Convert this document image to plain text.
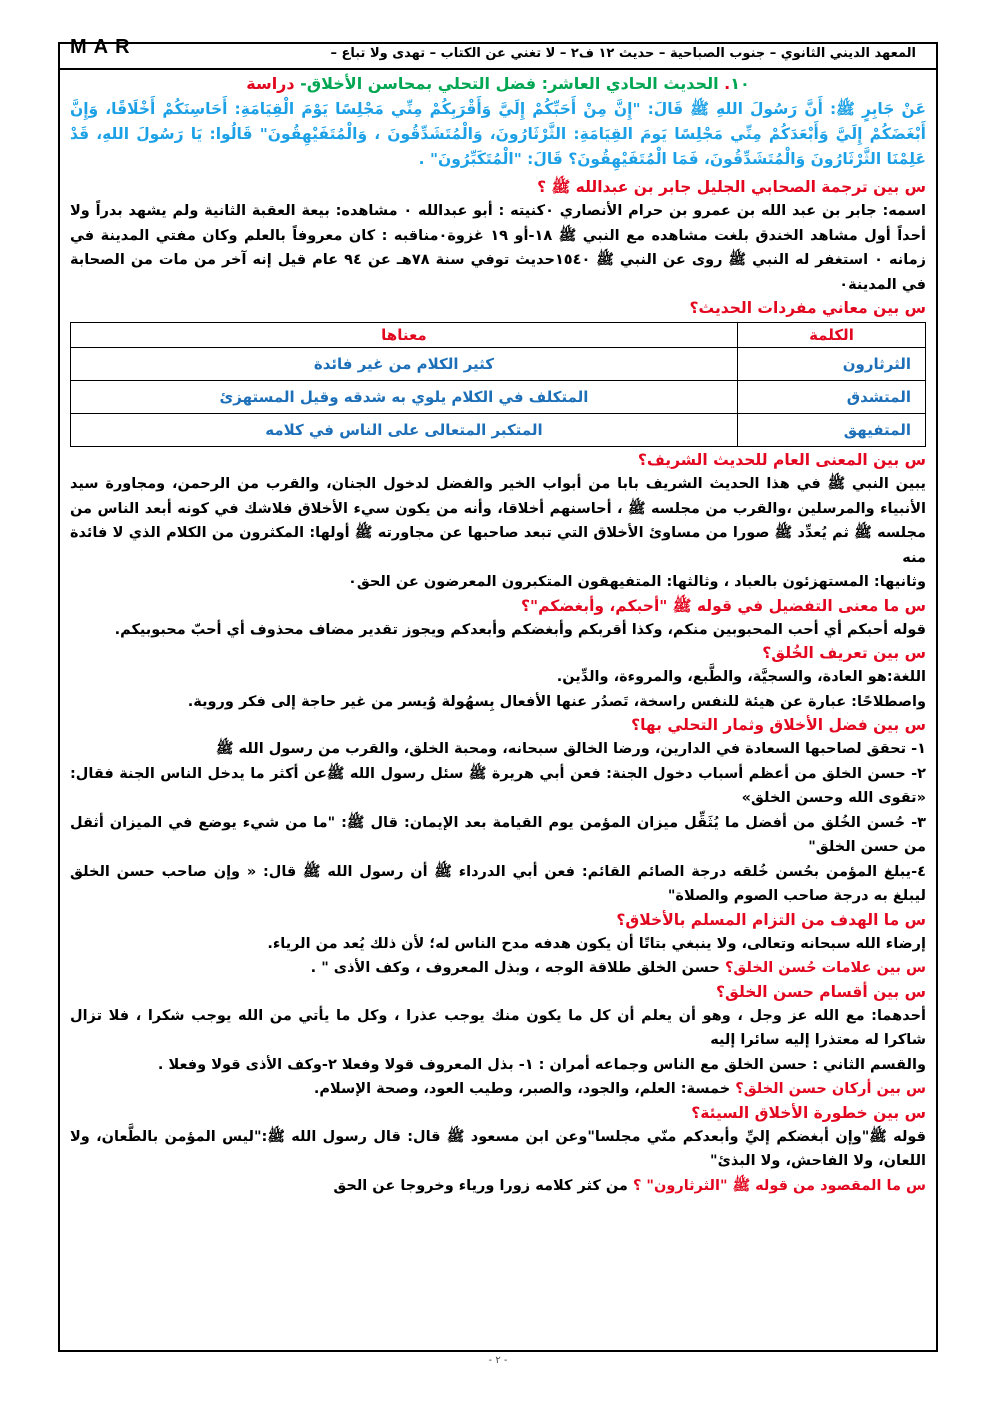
MAR	المعهد الديني الثانوي – جنوب الصباحية – حديث ١٢ ف٢ – لا تغني عن الكتاب – تهدى ولا تباع –
١٠. الحديث الحادي العاشر: فضل التحلي بمحاسن الأخلاق- دراسة

عَنْ جَابِرٍ ﷺ: أَنَّ رَسُولَ اللهِ ﷺ قَالَ: "إِنَّ مِنْ أَحَبِّكُمْ إِلَيَّ وَأَقْرَبِكُمْ مِنِّي مَجْلِسًا يَوْمَ الْقِيَامَةِ: أَحَاسِنَكُمْ أَخْلَاقًا، وَإِنَّ أَبْغَضَكُمْ إِلَيَّ وَأَبْعَدَكُمْ مِنِّي مَجْلِسًا يَومَ القِيَامَةِ: الثَّرْثَارُونَ، وَالْمُتَشَدِّقُونَ ، وَالْمُتَفَيْهِقُونَ" قَالُوا: يَا رَسُولَ اللهِ، قَدْ عَلِمْنَا الثَّرْثَارُونَ وَالْمُتَشَدِّقُونَ، فَمَا الْمُتَفَيْهِقُونَ؟ قَالَ: "الْمُتَكَبِّرُونَ" .

س بين ترجمة الصحابي الجليل جابر بن عبدالله ﷺ ؟

اسمه: جابر بن عبد الله بن عمرو بن حرام الأنصاري ٠كنيته : أبو عبدالله ٠ مشاهده: بيعة العقبة الثانية ولم يشهد بدراً ولا أحداً أول مشاهد الخندق بلغت مشاهده مع النبي ﷺ ١٨-أو ١٩ غزوة٠مناقبه : كان معروفاً بالعلم وكان مفتي المدينة في زمانه ٠ استغفر له النبي ﷺ روى عن النبي ﷺ ١٥٤٠حديث توفي سنة ٧٨هـ عن ٩٤ عام قيل إنه آخر من مات من الصحابة في المدينة٠

س بين معاني مفردات الحديث؟

الكلمة	معناها
الثرثارون	كثير الكلام من غير فائدة
المتشدق	المتكلف في الكلام يلوي به شدقه وقيل المستهزئ
المتفيهق	المتكبر المتعالى على الناس في كلامه

س بين المعنى العام للحديث الشريف؟

يبين النبي ﷺ في هذا الحديث الشريف بابا من أبواب الخير والفضل لدخول الجنان، والقرب من الرحمن، ومجاورة سيد الأنبياء والمرسلين ،والقرب من مجلسه ﷺ ، أحاسنهم أخلاقا، وأنه من يكون سيء الأخلاق فلاشك في كونه أبعد الناس من مجلسه ﷺ ثم يُعدِّد ﷺ صورا من مساوئ الأخلاق التي تبعد صاحبها عن مجاورته ﷺ أولها: المكثرون من الكلام الذي لا فائدة منه

وثانيها: المستهزئون بالعباد ، وثالثها: المتفيهقون المتكبرون المعرضون عن الحق٠

س ما معنى التفضيل في قوله ﷺ "أحبكم، وأبغضكم"؟

قوله أحبكم أي أحب المحبوبين منكم، وكذا أقربكم وأبغضكم وأبعدكم ويجوز تقدير مضاف محذوف أي أحبّ محبوبيكم.

س بين تعريف الخُلق؟

اللغة:هو العادة، والسجيَّة، والطَّبع، والمروءة، والدِّين.

واصطلاحًا: عبارة عن هيئة للنفس راسخة، تَصدُر عنها الأفعال بِسهُولة وُيسر من غير حاجة إلى فكر وروية.

س بين فضل الأخلاق وثمار التحلي بها؟

١- تحقق لصاحبها السعادة في الدارين، ورضا الخالق سبحانه، ومحبة الخلق، والقرب من رسول الله ﷺ

٢- حسن الخلق من أعظم أسباب دخول الجنة: فعن أبي هريرة ﷺ سئل رسول الله ﷺعن أكثر ما يدخل الناس الجنة فقال: «تقوى الله وحسن الخلق»

٣- حُسن الخُلق من أفضل ما يُثَقِّل ميزان المؤمن يوم القيامة بعد الإيمان: قال ﷺ: "ما من شيء يوضع في الميزان أثقل من حسن الخلق"

٤-يبلغ المؤمن بحُسن خُلقه درجة الصائم القائم: فعن أبي الدرداء ﷺ أن رسول الله ﷺ قال: « وإن صاحب حسن الخلق ليبلغ به درجة صاحب الصوم والصلاة"

س ما الهدف من التزام المسلم بالأخلاق؟

إرضاء الله سبحانه وتعالى، ولا ينبغي بتاتًا أن يكون هدفه مدح الناس له؛ لأن ذلك يُعد من الرياء.

س بين علامات حُسن الخلق؟ حسن الخلق طلاقة الوجه ، وبذل المعروف ، وكف الأذى " .

س بين أقسام حسن الخلق؟

أحدهما: مع الله عز وجل ، وهو أن يعلم أن كل ما يكون منك يوجب عذرا ، وكل ما يأتي من الله يوجب شكرا ، فلا تزال شاكرا له معتذرا إليه سائرا إليه

والقسم الثاني : حسن الخلق مع الناس وجماعه أمران : ١- بذل المعروف قولا وفعلا ٢-وكف الأذى قولا وفعلا .

س بين أركان حسن الخلق؟ خمسة: العلم، والجود، والصبر، وطيب العود، وصحة الإسلام.

س بين خطورة الأخلاق السيئة؟

قوله ﷺ"وإن أبغضكم إليِّ وأبعدكم منّي مجلسا"وعن ابن مسعود ﷺ قال: قال رسول الله ﷺ:"ليس المؤمن بالطَّعان، ولا اللعان، ولا الفاحش، ولا البذئ"

س ما المقصود من قوله ﷺ "الثرثارون" ؟ من كثر كلامه زورا ورياء وخروجا عن الحق

- ٢ -
